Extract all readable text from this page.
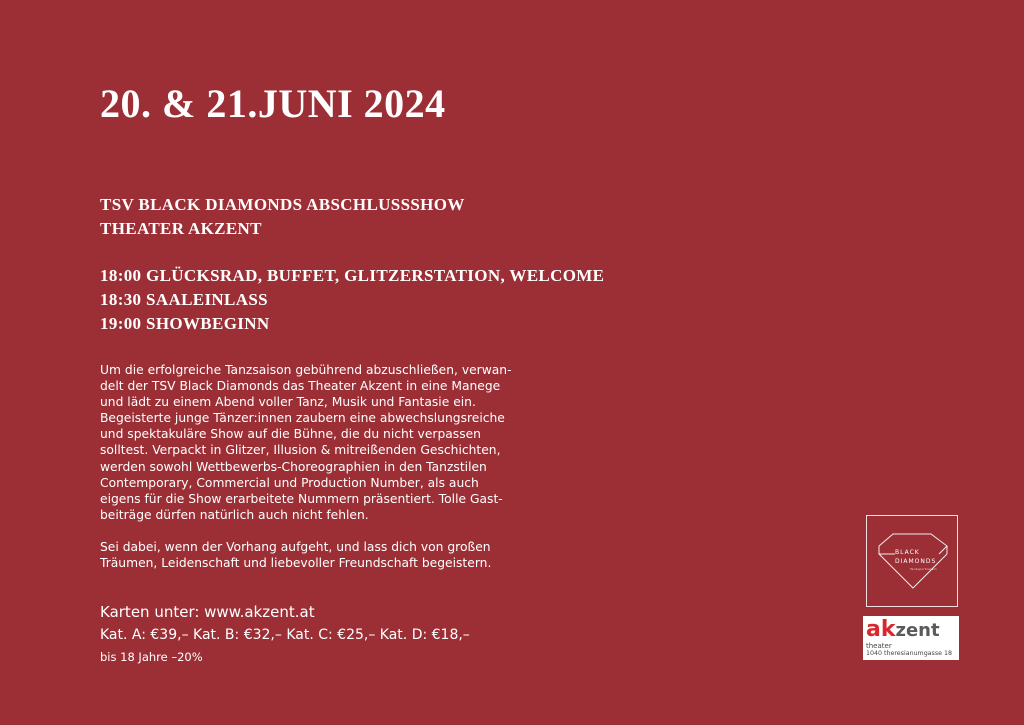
20. & 21.JUNI 2024
TSV BLACK DIAMONDS ABSCHLUSSSHOW
THEATER AKZENT
18:00 GLÜCKSRAD, BUFFET, GLITZERSTATION, WELCOME
18:30 SAALEINLASS
19:00 SHOWBEGINN

Um die erfolgreiche Tanzsaison gebührend abzuschließen, verwan-
delt der TSV Black Diamonds das Theater Akzent in eine Manege
und lädt zu einem Abend voller Tanz, Musik und Fantasie ein.
Begeisterte junge Tänzer:innen zaubern eine abwechslungsreiche
und spektakuläre Show auf die Bühne, die du nicht verpassen
solltest. Verpackt in Glitzer, Illusion & mitreißenden Geschichten,
werden sowohl Wettbewerbs-Choreographien in den Tanzstilen
Contemporary, Commercial und Production Number, als auch
eigens für die Show erarbeitete Nummern präsentiert. Tolle Gast-
beiträge dürfen natürlich auch nicht fehlen.

Sei dabei, wenn der Vorhang aufgeht, und lass dich von großen
Träumen, Leidenschaft und liebevoller Freundschaft begeistern.

Karten unter: www.akzent.at
Kat. A: €39,– Kat. B: €32,– Kat. C: €25,– Kat. D: €18,–
bis 18 Jahre –20%
BLACK
DIAMONDS
Tanzsportverein
akzent
theater
1040 theresianumgasse 18
